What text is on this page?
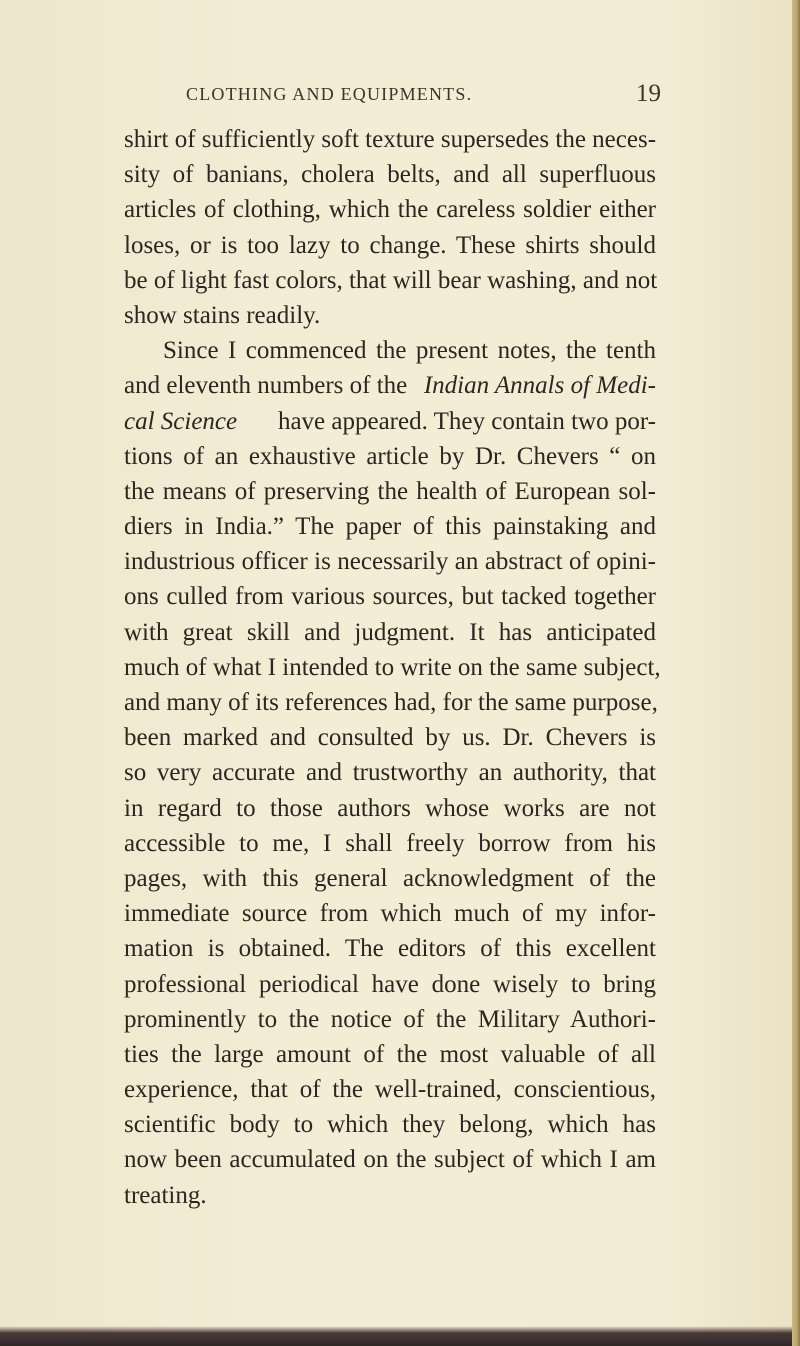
CLOTHING AND EQUIPMENTS.	19
shirt of sufficiently soft texture supersedes the neces-
sity of banians, cholera belts, and all superfluous
articles of clothing, which the careless soldier either
loses, or is too lazy to change. These shirts should
be of light fast colors, that will bear washing, and not
show stains readily.
Since I commenced the present notes, the tenth
and eleventh numbers of the Indian Annals of Medi-
cal Science have appeared. They contain two por-
tions of an exhaustive article by Dr. Chevers “ on
the means of preserving the health of European sol-
diers in India.” The paper of this painstaking and
industrious officer is necessarily an abstract of opini-
ons culled from various sources, but tacked together
with great skill and judgment. It has anticipated
much of what I intended to write on the same subject,
and many of its references had, for the same purpose,
been marked and consulted by us. Dr. Chevers is
so very accurate and trustworthy an authority, that
in regard to those authors whose works are not
accessible to me, I shall freely borrow from his
pages, with this general acknowledgment of the
immediate source from which much of my infor-
mation is obtained. The editors of this excellent
professional periodical have done wisely to bring
prominently to the notice of the Military Authori-
ties the large amount of the most valuable of all
experience, that of the well-trained, conscientious,
scientific body to which they belong, which has
now been accumulated on the subject of which I am
treating.
